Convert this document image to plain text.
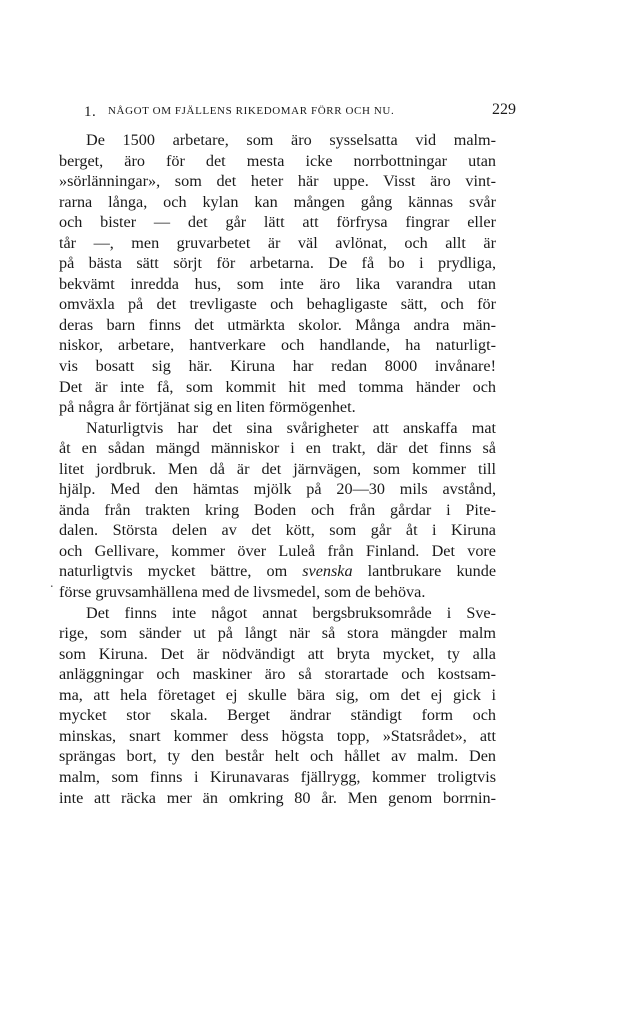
1. NÅGOT OM FJÄLLENS RIKEDOMAR FÖRR OCH NU.	229
.
De 1500 arbetare, som äro sysselsatta vid malm-
berget, äro för det mesta icke norrbottningar utan
»sörlänningar», som det heter här uppe. Visst äro vint-
rarna långa, och kylan kan mången gång kännas svår
och bister — det går lätt att förfrysa fingrar eller
tår —, men gruvarbetet är väl avlönat, och allt är
på bästa sätt sörjt för arbetarna. De få bo i prydliga,
bekvämt inredda hus, som inte äro lika varandra utan
omväxla på det trevligaste och behagligaste sätt, och för
deras barn finns det utmärkta skolor. Många andra män-
niskor, arbetare, hantverkare och handlande, ha naturligt-
vis bosatt sig här. Kiruna har redan 8000 invånare!
Det är inte få, som kommit hit med tomma händer och
på några år förtjänat sig en liten förmögenhet.
Naturligtvis har det sina svårigheter att anskaffa mat
åt en sådan mängd människor i en trakt, där det finns så
litet jordbruk. Men då är det järnvägen, som kommer till
hjälp. Med den hämtas mjölk på 20—30 mils avstånd,
ända från trakten kring Boden och från gårdar i Pite-
dalen. Största delen av det kött, som går åt i Kiruna
och Gellivare, kommer över Luleå från Finland. Det vore
naturligtvis mycket bättre, om svenska lantbrukare kunde
förse gruvsamhällena med de livsmedel, som de behöva.
Det finns inte något annat bergsbruksområde i Sve-
rige, som sänder ut på långt när så stora mängder malm
som Kiruna. Det är nödvändigt att bryta mycket, ty alla
anläggningar och maskiner äro så storartade och kostsam-
ma, att hela företaget ej skulle bära sig, om det ej gick i
mycket stor skala. Berget ändrar ständigt form och
minskas, snart kommer dess högsta topp, »Statsrådet», att
sprängas bort, ty den består helt och hållet av malm. Den
malm, som finns i Kirunavaras fjällrygg, kommer troligtvis
inte att räcka mer än omkring 80 år. Men genom borrnin-
